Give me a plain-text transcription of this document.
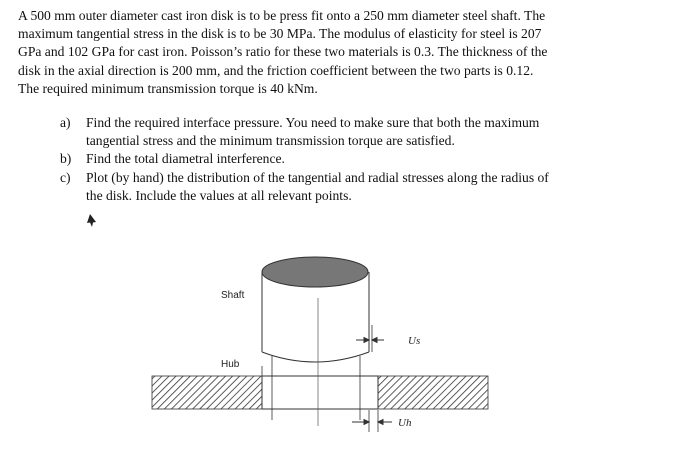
A 500 mm outer diameter cast iron disk is to be press fit onto a 250 mm diameter steel shaft. The
maximum tangential stress in the disk is to be 30 MPa. The modulus of elasticity for steel is 207
GPa and 102 GPa for cast iron. Poisson’s ratio for these two materials is 0.3. The thickness of the
disk in the axial direction is 200 mm, and the friction coefficient between the two parts is 0.12.
The required minimum transmission torque is 40 kNm.
a) Find the required interface pressure. You need to make sure that both the maximum
tangential stress and the minimum transmission torque are satisfied.
b) Find the total diametral interference.
c) Plot (by hand) the distribution of the tangential and radial stresses along the radius of
the disk. Include the values at all relevant points.
Shaft
Hub
Us
Uh
